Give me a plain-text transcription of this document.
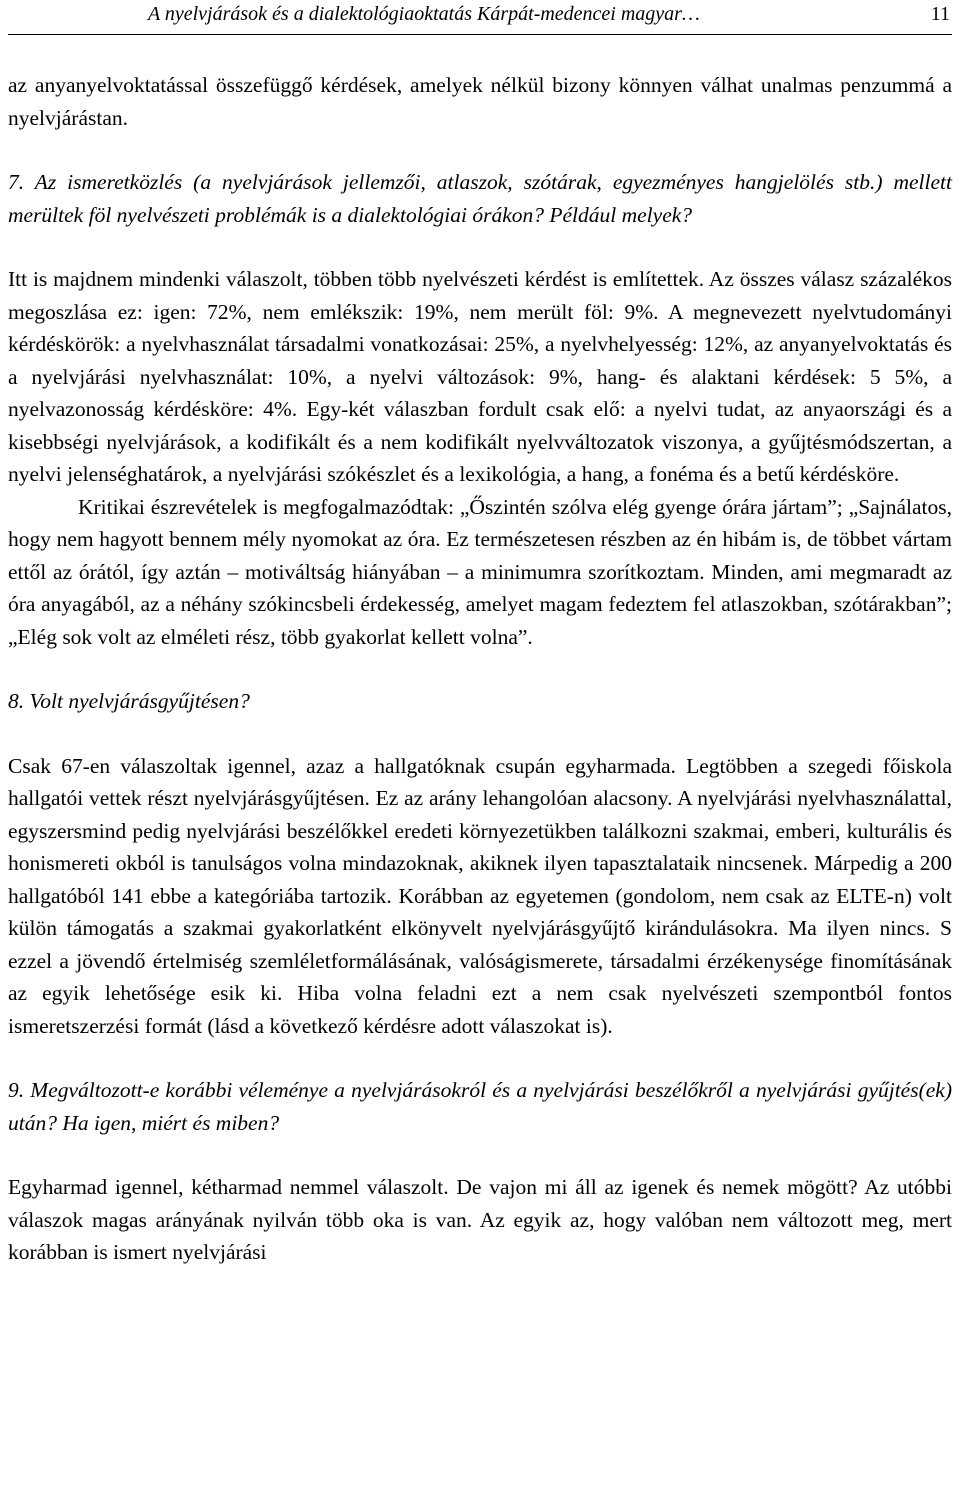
A nyelvjárások és a dialektológiaoktatás Kárpát-medencei magyar…	11

az anyanyelvoktatással összefüggő kérdések, amelyek nélkül bizony könnyen válhat unalmas penzummá a nyelvjárástan.

7. Az ismeretközlés (a nyelvjárások jellemzői, atlaszok, szótárak, egyezményes hangjelölés stb.) mellett merültek föl nyelvészeti problémák is a dialektológiai órákon? Például melyek?

Itt is majdnem mindenki válaszolt, többen több nyelvészeti kérdést is említettek. Az összes válasz százalékos megoszlása ez: igen: 72%, nem emlékszik: 19%, nem merült föl: 9%. A megnevezett nyelvtudományi kérdéskörök: a nyelvhasználat társadalmi vonatkozásai: 25%, a nyelvhelyesség: 12%, az anyanyelvoktatás és a nyelvjárási nyelvhasználat: 10%, a nyelvi változások: 9%, hang- és alaktani kérdések: 5 5%, a nyelvazonosság kérdésköre: 4%. Egy-két válaszban fordult csak elő: a nyelvi tudat, az anyaországi és a kisebbségi nyelvjárások, a kodifikált és a nem kodifikált nyelvváltozatok viszonya, a gyűjtésmódszertan, a nyelvi jelenséghatárok, a nyelvjárási szókészlet és a lexikológia, a hang, a fonéma és a betű kérdésköre.

Kritikai észrevételek is megfogalmazódtak: „Őszintén szólva elég gyenge órára jártam”; „Sajnálatos, hogy nem hagyott bennem mély nyomokat az óra. Ez természetesen részben az én hibám is, de többet vártam ettől az órától, így aztán – motiváltság hiányában – a minimumra szorítkoztam. Minden, ami megmaradt az óra anyagából, az a néhány szókincsbeli érdekesség, amelyet magam fedeztem fel atlaszokban, szótárakban”; „Elég sok volt az elméleti rész, több gyakorlat kellett volna”.

8. Volt nyelvjárásgyűjtésen?

Csak 67-en válaszoltak igennel, azaz a hallgatóknak csupán egyharmada. Legtöbben a szegedi főiskola hallgatói vettek részt nyelvjárásgyűjtésen. Ez az arány lehangolóan alacsony. A nyelvjárási nyelvhasználattal, egyszersmind pedig nyelvjárási beszélőkkel eredeti környezetükben találkozni szakmai, emberi, kulturális és honismereti okból is tanulságos volna mindazoknak, akiknek ilyen tapasztalataik nincsenek. Márpedig a 200 hallgatóból 141 ebbe a kategóriába tartozik. Korábban az egyetemen (gondolom, nem csak az ELTE-n) volt külön támogatás a szakmai gyakorlatként elkönyvelt nyelvjárásgyűjtő kirándulásokra. Ma ilyen nincs. S ezzel a jövendő értelmiség szemléletformálásának, valóságismerete, társadalmi érzékenysége finomításának az egyik lehetősége esik ki. Hiba volna feladni ezt a nem csak nyelvészeti szempontból fontos ismeretszerzési formát (lásd a következő kérdésre adott válaszokat is).

9. Megváltozott-e korábbi véleménye a nyelvjárásokról és a nyelvjárási beszélőkről a nyelvjárási gyűjtés(ek) után? Ha igen, miért és miben?

Egyharmad igennel, kétharmad nemmel válaszolt. De vajon mi áll az igenek és nemek mögött? Az utóbbi válaszok magas arányának nyilván több oka is van. Az egyik az, hogy valóban nem változott meg, mert korábban is ismert nyelvjárási
